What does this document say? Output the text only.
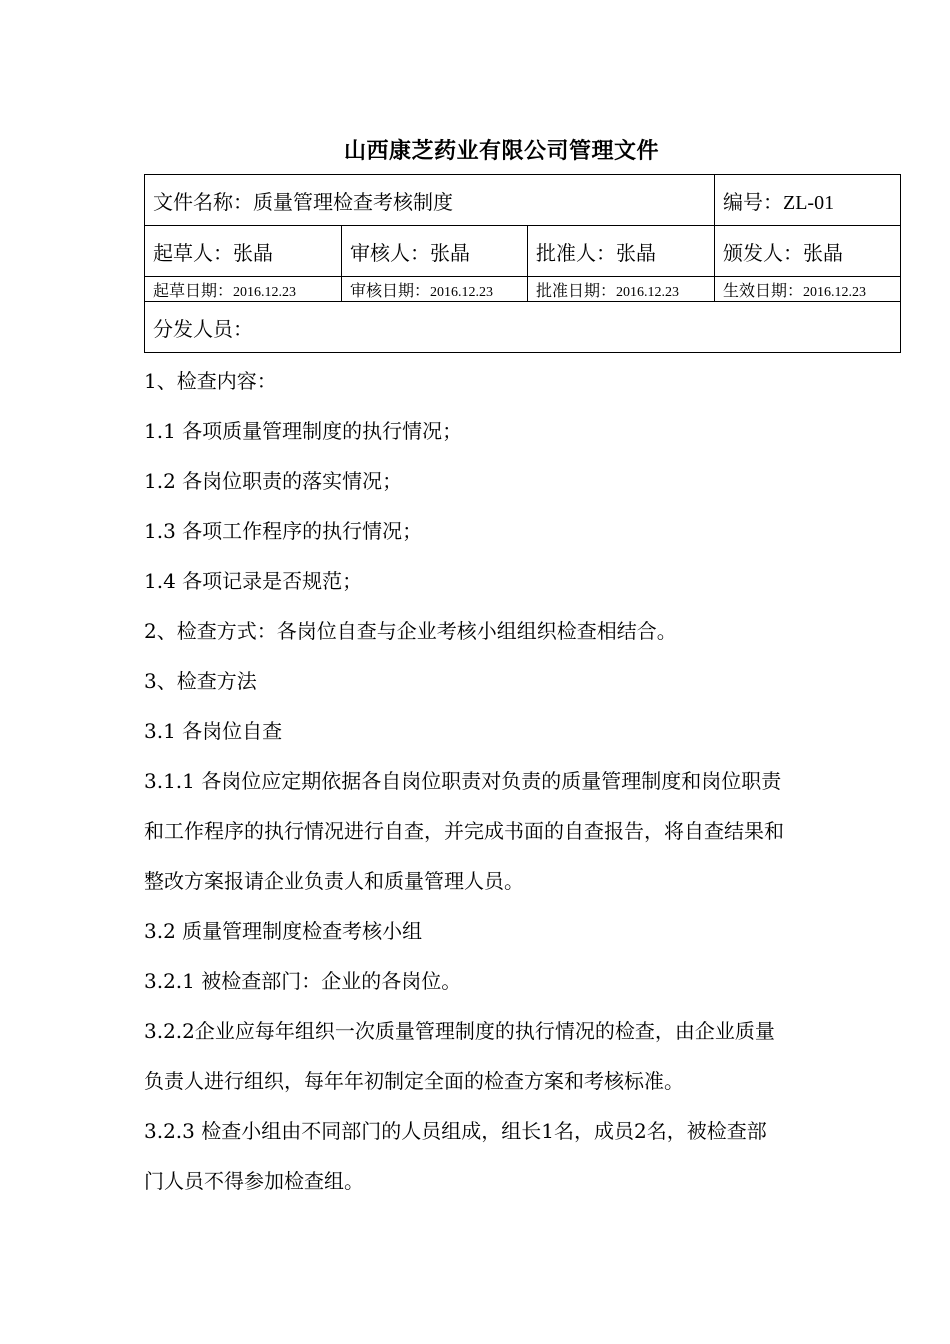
山西康芝药业有限公司管理文件
文件名称：质量管理检查考核制度			编号：ZL-01
起草人：张晶	审核人：张晶	批准人：张晶	颁发人：张晶
起草日期：2016.12.23	审核日期：2016.12.23	批准日期：2016.12.23	生效日期：2016.12.23
分发人员：			

1、检查内容：

1.1 各项质量管理制度的执行情况；

1.2 各岗位职责的落实情况；

1.3 各项工作程序的执行情况；

1.4 各项记录是否规范；

2、检查方式：各岗位自查与企业考核小组组织检查相结合。

3、检查方法

3.1 各岗位自查

3.1.1 各岗位应定期依据各自岗位职责对负责的质量管理制度和岗位职责

和工作程序的执行情况进行自查，并完成书面的自查报告，将自查结果和

整改方案报请企业负责人和质量管理人员。

3.2 质量管理制度检查考核小组

3.2.1 被检查部门：企业的各岗位。

3.2.2企业应每年组织一次质量管理制度的执行情况的检查，由企业质量

负责人进行组织，每年年初制定全面的检查方案和考核标准。

3.2.3 检查小组由不同部门的人员组成，组长1名，成员2名，被检查部

门人员不得参加检查组。
